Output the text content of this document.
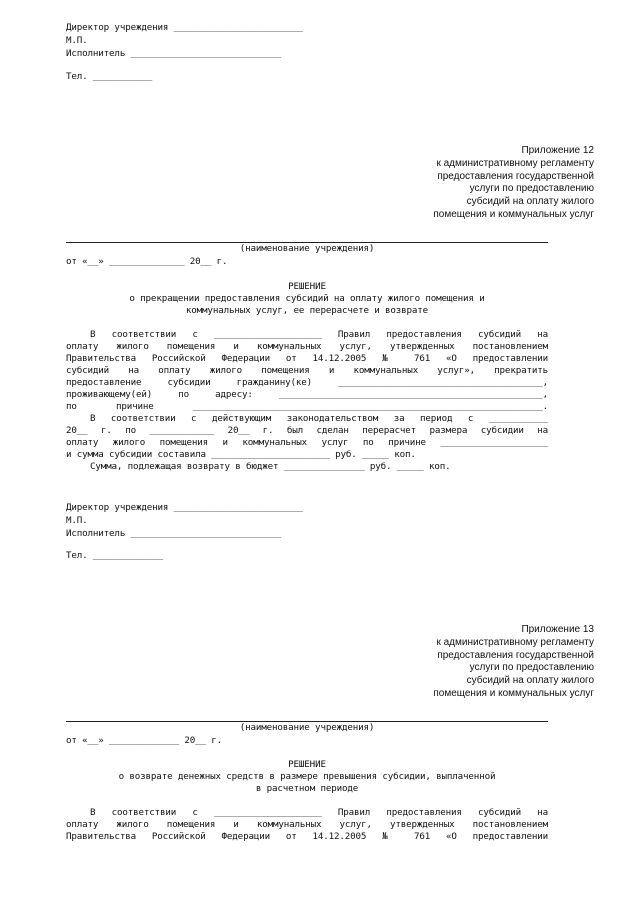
Директор учреждения ________________________
М.П.
Исполнитель ____________________________
Тел. ___________
Приложение 12
к административному регламенту
предоставления государственной
услуги по предоставлению
субсидий на оплату жилого
помещения и коммунальных услуг
(наименование учреждения)
от «__» ______________ 20__ г.
РЕШЕНИЕ
о прекращении предоставления субсидий на оплату жилого помещения и
коммунальных услуг, ее перерасчете и возврате
В соответствии с ____________________ Правил предоставления субсидий на
оплату жилого помещения и коммунальных услуг, утвержденных постановлением
Правительства Российской Федерации от 14.12.2005 № 761 «О предоставлении
субсидий на оплату жилого помещения и коммунальных услуг», прекратить
предоставление субсидии гражданину(ке) ______________________________________,
проживающему(ей) по адресу: _________________________________________________,
по причине _________________________________________________________________.
В соответствии с действующим законодательством за период с ___________
20__ г. по ____________ 20__ г. был сделан перерасчет размера субсидии на
оплату жилого помещения и коммунальных услуг по причине ____________________
и сумма субсидии составила ______________________ руб. _____ коп.
Сумма, подлежащая возврату в бюджет _______________ руб. _____ коп.
Директор учреждения ________________________
М.П.
Исполнитель ____________________________
Тел. _____________
Приложение 13
к административному регламенту
предоставления государственной
услуги по предоставлению
субсидий на оплату жилого
помещения и коммунальных услуг
(наименование учреждения)
от «__» _____________ 20__ г.
РЕШЕНИЕ
о возврате денежных средств в размере превышения субсидии, выплаченной
в расчетном периоде
В соответствии с ____________________ Правил предоставления субсидий на
оплату жилого помещения и коммунальных услуг, утвержденных постановлением
Правительства Российской Федерации от 14.12.2005 № 761 «О предоставлении
